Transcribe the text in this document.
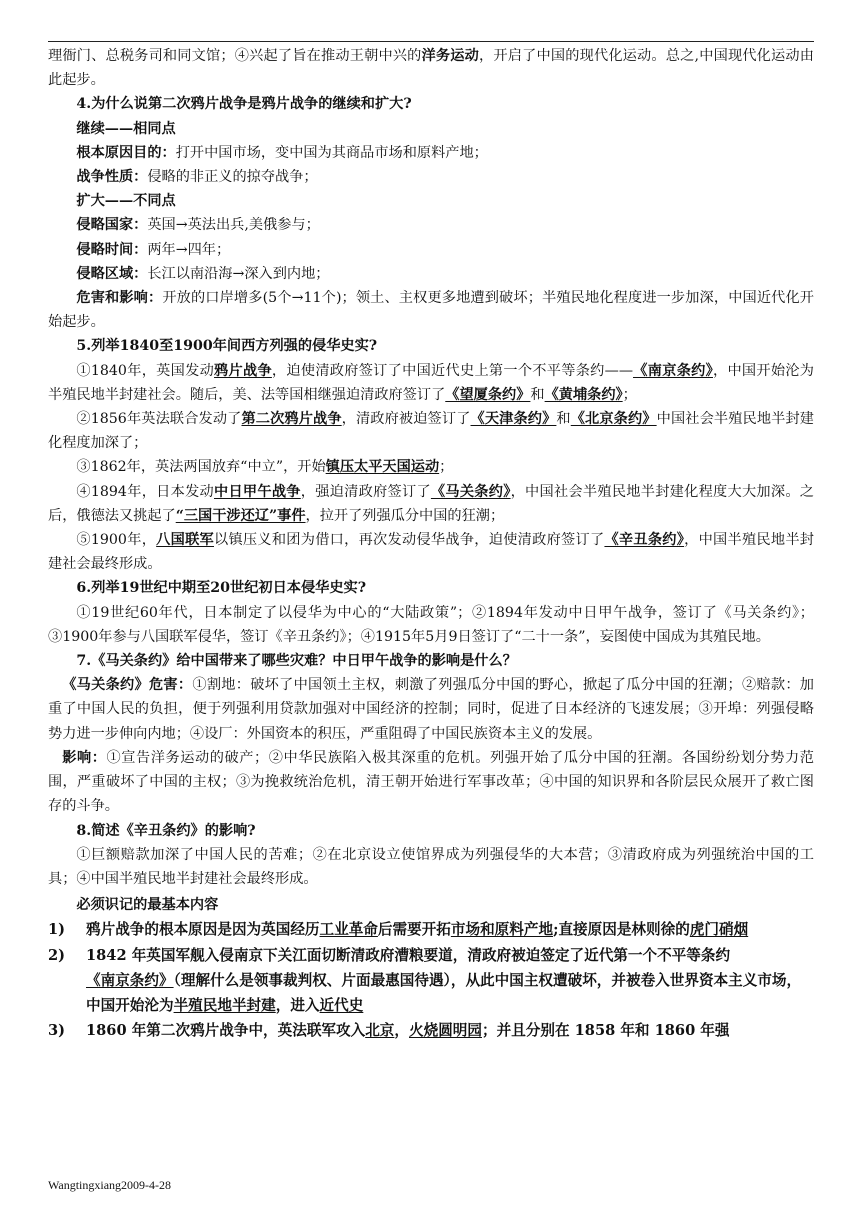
理衙门、总税务司和同文馆；④兴起了旨在推动王朝中兴的洋务运动，开启了中国的现代化运动。总之,中国现代化运动由此起步。

4.为什么说第二次鸦片战争是鸦片战争的继续和扩大?

继续——相同点

根本原因目的：打开中国市场，变中国为其商品市场和原料产地；

战争性质：侵略的非正义的掠夺战争；

扩大——不同点

侵略国家：英国→英法出兵,美俄参与；

侵略时间：两年→四年；

侵略区域：长江以南沿海→深入到内地；

危害和影响：开放的口岸增多(5个→11个)；领土、主权更多地遭到破坏；半殖民地化程度进一步加深，中国近代化开始起步。

5.列举1840至1900年间西方列强的侵华史实?

①1840年，英国发动鸦片战争，迫使清政府签订了中国近代史上第一个不平等条约——《南京条约》，中国开始沦为半殖民地半封建社会。随后，美、法等国相继强迫清政府签订了《望厦条约》和《黄埔条约》；

②1856年英法联合发动了第二次鸦片战争，清政府被迫签订了《天津条约》和《北京条约》中国社会半殖民地半封建化程度加深了；

③1862年，英法两国放弃“中立”，开始镇压太平天国运动；

④1894年，日本发动中日甲午战争，强迫清政府签订了《马关条约》，中国社会半殖民地半封建化程度大大加深。之后，俄德法又挑起了“三国干涉还辽”事件，拉开了列强瓜分中国的狂潮；

⑤1900年，八国联军以镇压义和团为借口，再次发动侵华战争，迫使清政府签订了《辛丑条约》，中国半殖民地半封建社会最终形成。

6.列举19世纪中期至20世纪初日本侵华史实?

①19世纪60年代，日本制定了以侵华为中心的“大陆政策”；②1894年发动中日甲午战争，签订了《马关条约》；③1900年参与八国联军侵华，签订《辛丑条约》；④1915年5月9日签订了“二十一条”，妄图使中国成为其殖民地。

7.《马关条约》给中国带来了哪些灾难？中日甲午战争的影响是什么？

《马关条约》危害：①割地：破坏了中国领土主权，刺激了列强瓜分中国的野心，掀起了瓜分中国的狂潮；②赔款：加重了中国人民的负担，便于列强利用贷款加强对中国经济的控制；同时，促进了日本经济的飞速发展；③开埠：列强侵略势力进一步伸向内地；④设厂：外国资本的积压，严重阻碍了中国民族资本主义的发展。

影响：①宣告洋务运动的破产；②中华民族陷入极其深重的危机。列强开始了瓜分中国的狂潮。各国纷纷划分势力范围，严重破坏了中国的主权；③为挽救统治危机，清王朝开始进行军事改革；④中国的知识界和各阶层民众展开了救亡图存的斗争。

8.简述《辛丑条约》的影响?

①巨额赔款加深了中国人民的苦难；②在北京设立使馆界成为列强侵华的大本营；③清政府成为列强统治中国的工具；④中国半殖民地半封建社会最终形成。

必须识记的最基本内容

1) 鸦片战争的根本原因是因为英国经历工业革命后需要开拓市场和原料产地;直接原因是林则徐的虎门硝烟
2) 1842 年英国军舰入侵南京下关江面切断清政府漕粮要道，清政府被迫签定了近代第一个不平等条约《南京条约》（理解什么是领事裁判权、片面最惠国待遇），从此中国主权遭破坏，并被卷入世界资本主义市场，中国开始沦为半殖民地半封建，进入近代史
3) 1860 年第二次鸦片战争中，英法联军攻入北京，火烧圆明园；并且分别在 1858 年和 1860 年强
Wangtingxiang2009-4-28
